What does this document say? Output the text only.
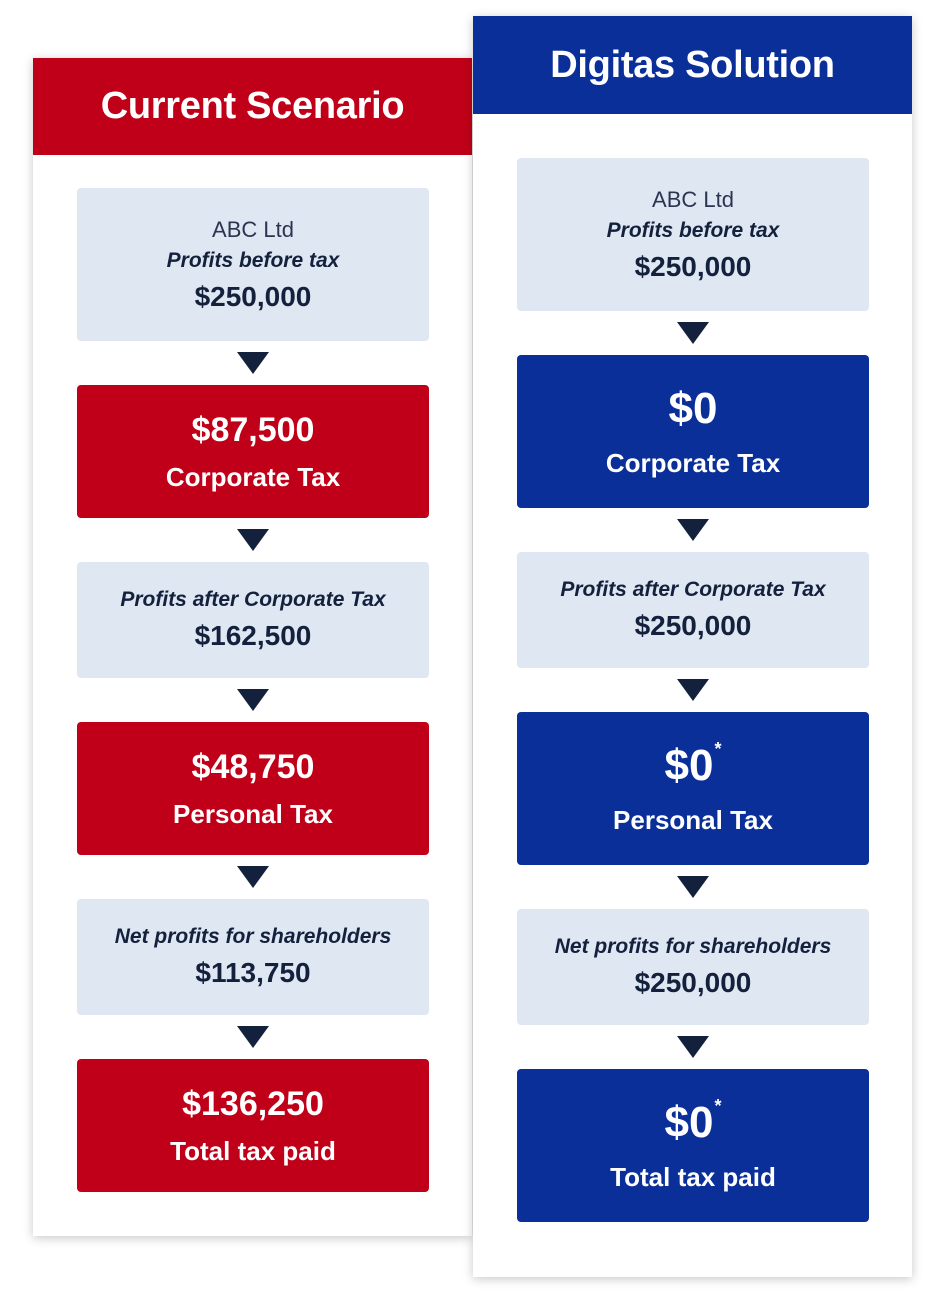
Current Scenario
ABC Ltd
Profits before tax
$250,000
$87,500
Corporate Tax
Profits after Corporate Tax
$162,500
$48,750
Personal Tax
Net profits for shareholders
$113,750
$136,250
Total tax paid
Digitas Solution
ABC Ltd
Profits before tax
$250,000
$0
Corporate Tax
Profits after Corporate Tax
$250,000
$0*
Personal Tax
Net profits for shareholders
$250,000
$0*
Total tax paid
